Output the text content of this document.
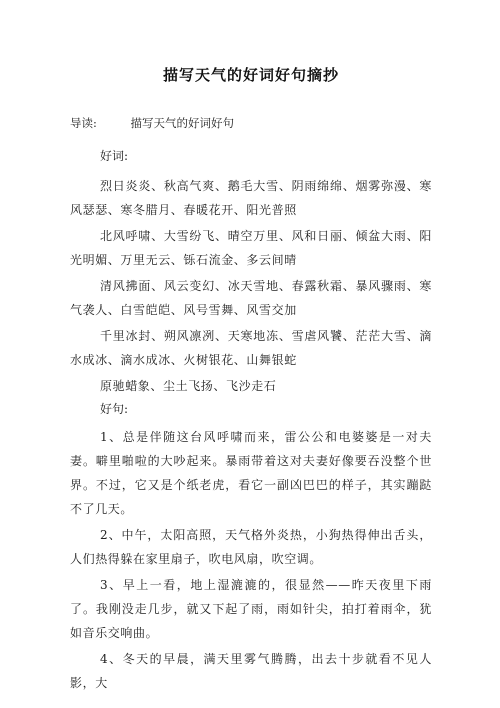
描写天气的好词好句摘抄
导读:	描写天气的好词好句
好词:

烈日炎炎、秋高气爽、鹅毛大雪、阴雨绵绵、烟雾弥漫、寒风瑟瑟、寒冬腊月、春暖花开、阳光普照

北风呼啸、大雪纷飞、晴空万里、风和日丽、倾盆大雨、阳光明媚、万里无云、铄石流金、多云间晴

清风拂面、风云变幻、冰天雪地、春露秋霜、暴风骤雨、寒气袭人、白雪皑皑、风号雪舞、风雪交加

千里冰封、朔风凛冽、天寒地冻、雪虐风饕、茫茫大雪、滴水成冰、滴水成冰、火树银花、山舞银蛇

原驰蜡象、尘土飞扬、飞沙走石

好句:

1、总是伴随这台风呼啸而来，雷公公和电婆婆是一对夫妻。噼里啪啦的大吵起来。暴雨带着这对夫妻好像要吞没整个世界。不过，它又是个纸老虎，看它一副凶巴巴的样子，其实蹦跶不了几天。

2、中午，太阳高照，天气格外炎热，小狗热得伸出舌头，人们热得躲在家里扇子，吹电风扇，吹空调。

3、早上一看，地上湿漉漉的，很显然——昨天夜里下雨了。我刚没走几步，就又下起了雨，雨如针尖，拍打着雨伞，犹如音乐交响曲。

4、冬天的早晨，满天里雾气腾腾，出去十步就看不见人影，大
